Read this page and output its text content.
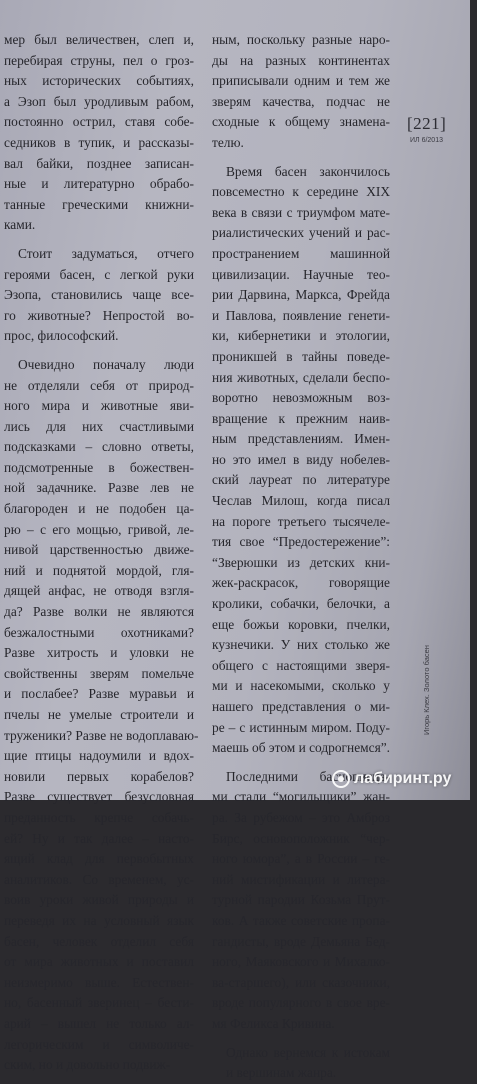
мер был величествен, слеп и,
перебирая струны, пел о гроз-
ных исторических событиях,
а Эзоп был уродливым рабом,
постоянно острил, ставя собе-
седников в тупик, и рассказы-
вал байки, позднее записан-
ные и литературно обрабо-
танные греческими книжни-
ками.
Стоит задуматься, отчего
героями басен, с легкой руки
Эзопа, становились чаще все-
го животные? Непростой во-
прос, философский.
Очевидно поначалу люди
не отделяли себя от природ-
ного мира и животные яви-
лись для них счастливыми
подсказками – словно ответы,
подсмотренные в божествен-
ной задачнике. Разве лев не
благороден и не подобен ца-
рю – с его мощью, гривой, ле-
нивой царственностью движе-
ний и поднятой мордой, гля-
дящей анфас, не отводя взгля-
да? Разве волки не являются
безжалостными охотниками?
Разве хитрость и уловки не
свойственны зверям помельче
и послабее? Разве муравьи и
пчелы не умелые строители и
труженики? Разве не водоплаваю-
щие птицы надоумили и вдох-
новили первых корабелов?
Разве существует безусловная
преданность крепче собачь-
ей? Ну и так далее – насто-
ящий клад для первобытных
аналитиков. Со временем, ус-
воив уроки живой природы и
переведя их на условный язык
басен, человек отделил себя
от мира животных и поставил
неизмеримо выше. Естествен-
но, басенный зверинец – бести-
арий – вышел не только ал-
легорическим и символиче-
ским, но и довольно подвиж-
ным, поскольку разные наро-
ды на разных континентах
приписывали одним и тем же
зверям качества, подчас не
сходные к общему знамена-
телю.
Время басен закончилось
повсеместно к середине XIX
века в связи с триумфом мате-
риалистических учений и рас-
пространением машинной
цивилизации. Научные тео-
рии Дарвина, Маркса, Фрейда
и Павлова, появление генети-
ки, кибернетики и этологии,
проникшей в тайны поведе-
ния животных, сделали беспо-
воротно невозможным воз-
вращение к прежним наив-
ным представлениям. Имен-
но это имел в виду нобелев-
ский лауреат по литературе
Чеслав Милош, когда писал
на пороге третьего тысячеле-
тия свое “Предостережение”:
“Зверюшки из детских кни-
жек-раскрасок, говорящие
кролики, собачки, белочки, а
еще божьи коровки, пчелки,
кузнечики. У них столько же
общего с настоящими зверя-
ми и насекомыми, сколько у
нашего представления о ми-
ре – с истинным миром. Поду-
маешь об этом и содрогнемся”.
Последними баснописца-
ми стали “могильщики” жан-
ра. За рубежом – это Амброз
Бирс, основоположник “чер-
ного юмора”, а в России – ге-
ний мистификации и литера-
турной пародии Козьма Прут-
ков. А также советские пропа-
гандисты, вроде Демьяна Бед-
ного, Маяковского и Михалко-
ва-старшего), или сказочники,
вроде популярного в свое вре-
мя Феликса Кривина.
Однако вернемся к истокам и вершинам жанра.
[221]
ИЛ 6/2013
Игорь Клех. Золото басен
лабиринт.ру
